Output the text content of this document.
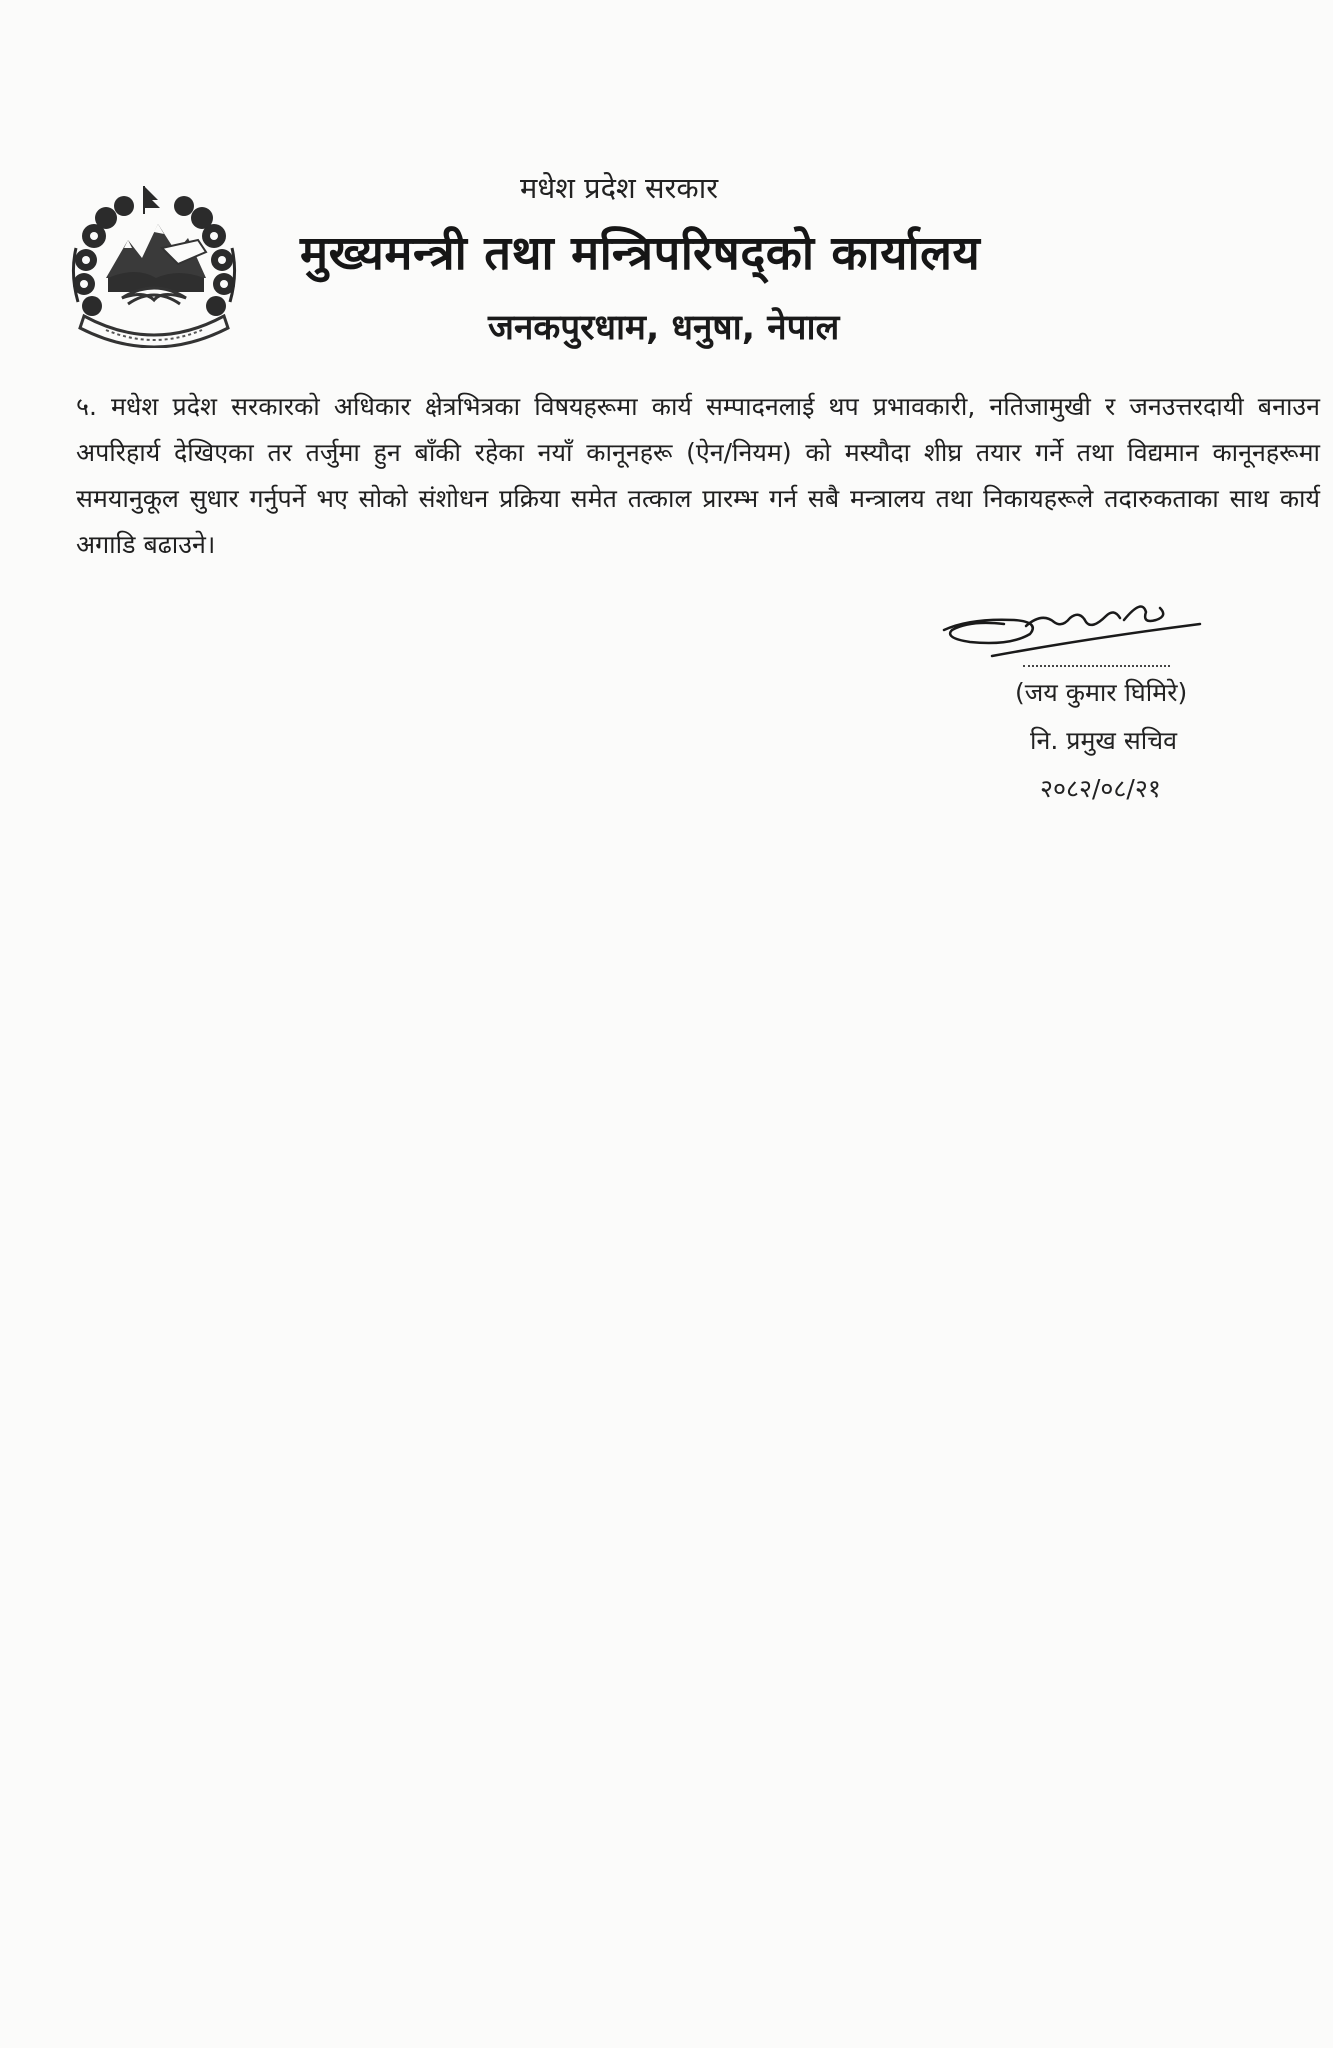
मधेश प्रदेश सरकार
मुख्यमन्त्री तथा मन्त्रिपरिषद्को कार्यालय
जनकपुरधाम, धनुषा, नेपाल
५. मधेश प्रदेश सरकारको अधिकार क्षेत्रभित्रका विषयहरूमा कार्य सम्पादनलाई थप प्रभावकारी, नतिजामुखी र जनउत्तरदायी बनाउन अपरिहार्य देखिएका तर तर्जुमा हुन बाँकी रहेका नयाँ कानूनहरू (ऐन/नियम) को मस्यौदा शीघ्र तयार गर्ने तथा विद्यमान कानूनहरूमा समयानुकूल सुधार गर्नुपर्ने भए सोको संशोधन प्रक्रिया समेत तत्काल प्रारम्भ गर्न सबै मन्त्रालय तथा निकायहरूले तदारुकताका साथ कार्य अगाडि बढाउने।
(जय कुमार घिमिरे)
नि. प्रमुख सचिव
२०८२/०८/२१
